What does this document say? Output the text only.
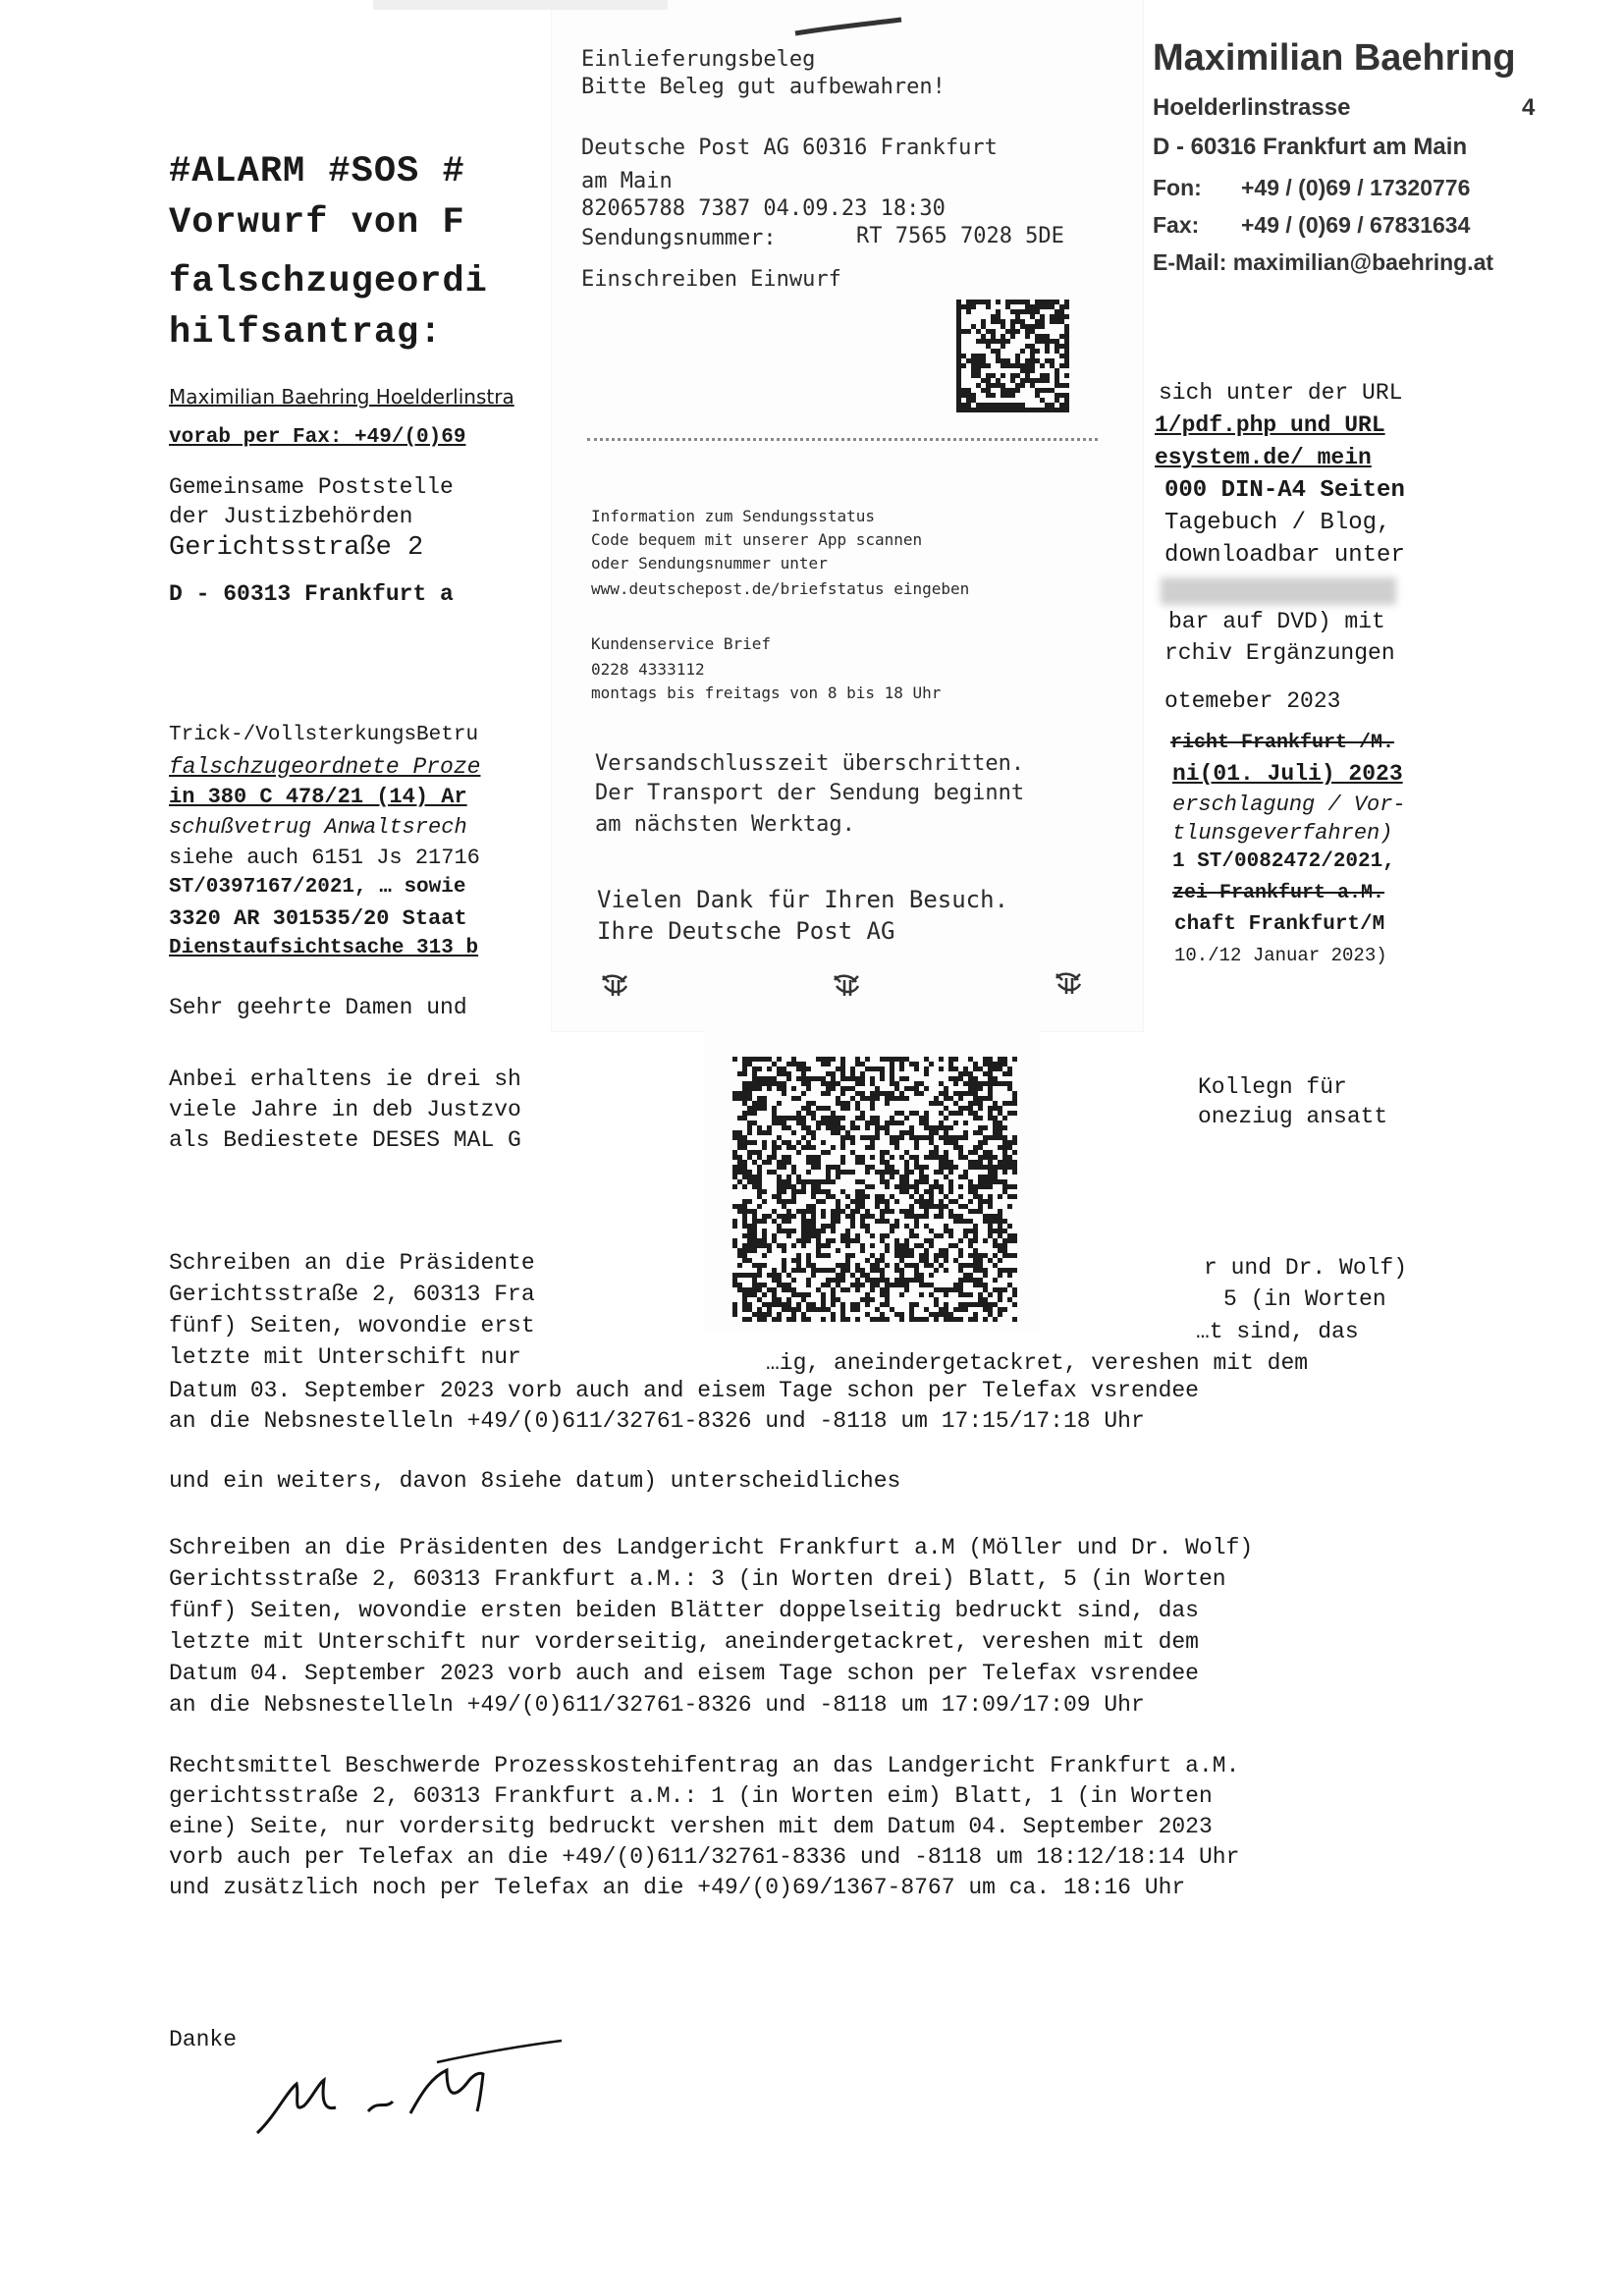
#ALARM #SOS #
Vorwurf von F
falschzugeordi
hilfsantrag:
Maximilian Baehring Hoelderlinstra
vorab per Fax: +49/(0)69
Gemeinsame Poststelle
der Justizbehörden
Gerichtsstraße 2
D - 60313 Frankfurt a
Trick-/VollsterkungsBetru
falschzugeordnete Proze
in 380 C 478/21 (14) Ar
schußvetrug Anwaltsrech
siehe auch 6151 Js 21716
ST/0397167/2021, … sowie
3320 AR 301535/20 Staat
Dienstaufsichtsache 313 b
Sehr geehrte Damen und
Anbei erhaltens ie drei sh
viele Jahre in deb Justzvo
als Bediestete DESES MAL G
sich unter der URL
1/pdf.php und URL
esystem.de/ mein
000 DIN-A4 Seiten
Tagebuch / Blog,
downloadbar unter
bar auf DVD) mit
rchiv Ergänzungen
otemeber 2023
richt Frankfurt /M.
ni(01. Juli) 2023
erschlagung / Vor-
tlunsgeverfahren)
1 ST/0082472/2021,
zei Frankfurt a.M.
chaft Frankfurt/M
10./12 Januar 2023)
Kollegn für
oneziug ansatt
Schreiben an die Präsidente
Gerichtsstraße 2, 60313 Fra
fünf) Seiten, wovondie erst
letzte mit Unterschift nur
r und Dr. Wolf)
5 (in Worten
…t sind, das
…ig, aneindergetackret, vereshen mit dem
Datum 03. September 2023 vorb auch and eisem Tage schon per Telefax vsrendee
an die Nebsnestelleln +49/(0)611/32761-8326 und -8118 um 17:15/17:18 Uhr
und ein weiters, davon 8siehe datum) unterscheidliches
Schreiben an die Präsidenten des Landgericht Frankfurt a.M (Möller und Dr. Wolf)
Gerichtsstraße 2, 60313 Frankfurt a.M.: 3 (in Worten drei) Blatt, 5 (in Worten
fünf) Seiten, wovondie ersten beiden Blätter doppelseitig bedruckt sind, das
letzte mit Unterschift nur vorderseitig, aneindergetackret, vereshen mit dem
Datum 04. September 2023 vorb auch and eisem Tage schon per Telefax vsrendee
an die Nebsnestelleln +49/(0)611/32761-8326 und -8118 um 17:09/17:09 Uhr
Rechtsmittel Beschwerde Prozesskostehifentrag an das Landgericht Frankfurt a.M.
gerichtsstraße 2, 60313 Frankfurt a.M.: 1 (in Worten eim) Blatt, 1 (in Worten
eine) Seite, nur vordersitg bedruckt vershen mit dem Datum 04. September 2023
vorb auch per Telefax an die +49/(0)611/32761-8336 und -8118 um 18:12/18:14 Uhr
und zusätzlich noch per Telefax an die +49/(0)69/1367-8767 um ca. 18:16 Uhr
Danke
Einlieferungsbeleg
Bitte Beleg gut aufbewahren!
Deutsche Post AG 60316 Frankfurt
am Main
82065788 7387 04.09.23 18:30
Sendungsnummer:	RT 7565 7028 5DE
Einschreiben Einwurf
Information zum Sendungsstatus
Code bequem mit unserer App scannen
oder Sendungsnummer unter
www.deutschepost.de/briefstatus eingeben
Kundenservice Brief
0228 4333112
montags bis freitags von 8 bis 18 Uhr
Versandschlusszeit überschritten.
Der Transport der Sendung beginnt
am nächsten Werktag.
Vielen Dank für Ihren Besuch.
Ihre Deutsche Post AG
Maximilian Baehring
Hoelderlinstrasse	4
D - 60316 Frankfurt am Main
Fon: +49 / (0)69 / 17320776
Fax: +49 / (0)69 / 67831634
E-Mail: maximilian@baehring.at
